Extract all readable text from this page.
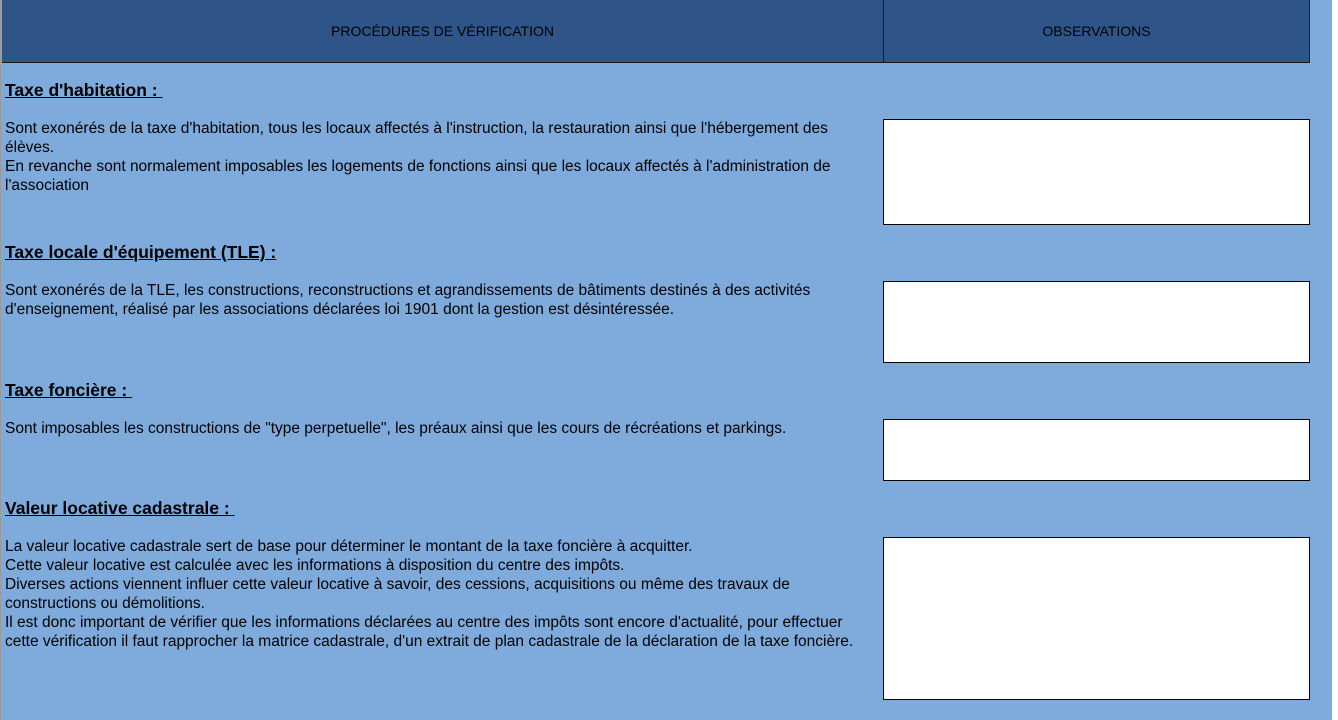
PROCÉDURES DE VÉRIFICATION	OBSERVATIONS
Taxe d'habitation :

Sont exonérés de la taxe d'habitation, tous les locaux affectés à l'instruction, la restauration ainsi que l'hébergement des élèves.

En revanche sont normalement imposables les logements de fonctions ainsi que les locaux affectés à l'administration de l'association

Taxe locale d'équipement (TLE) :

Sont exonérés de la TLE, les constructions, reconstructions et agrandissements de bâtiments destinés à des activités d'enseignement, réalisé par les associations déclarées loi 1901 dont la gestion est désintéressée.

Taxe foncière :

Sont imposables les constructions de "type perpetuelle", les préaux ainsi que les cours de récréations et parkings.

Valeur locative cadastrale :

La valeur locative cadastrale sert de base pour déterminer le montant de la taxe foncière à acquitter.

Cette valeur locative est calculée avec les informations à disposition du centre des impôts.

Diverses actions viennent influer cette valeur locative à savoir, des cessions, acquisitions ou même des travaux de constructions ou démolitions.

Il est donc important de vérifier que les informations déclarées au centre des impôts sont encore d'actualité, pour effectuer cette vérification il faut rapprocher la matrice cadastrale, d'un extrait de plan cadastrale de la déclaration de la taxe foncière.
